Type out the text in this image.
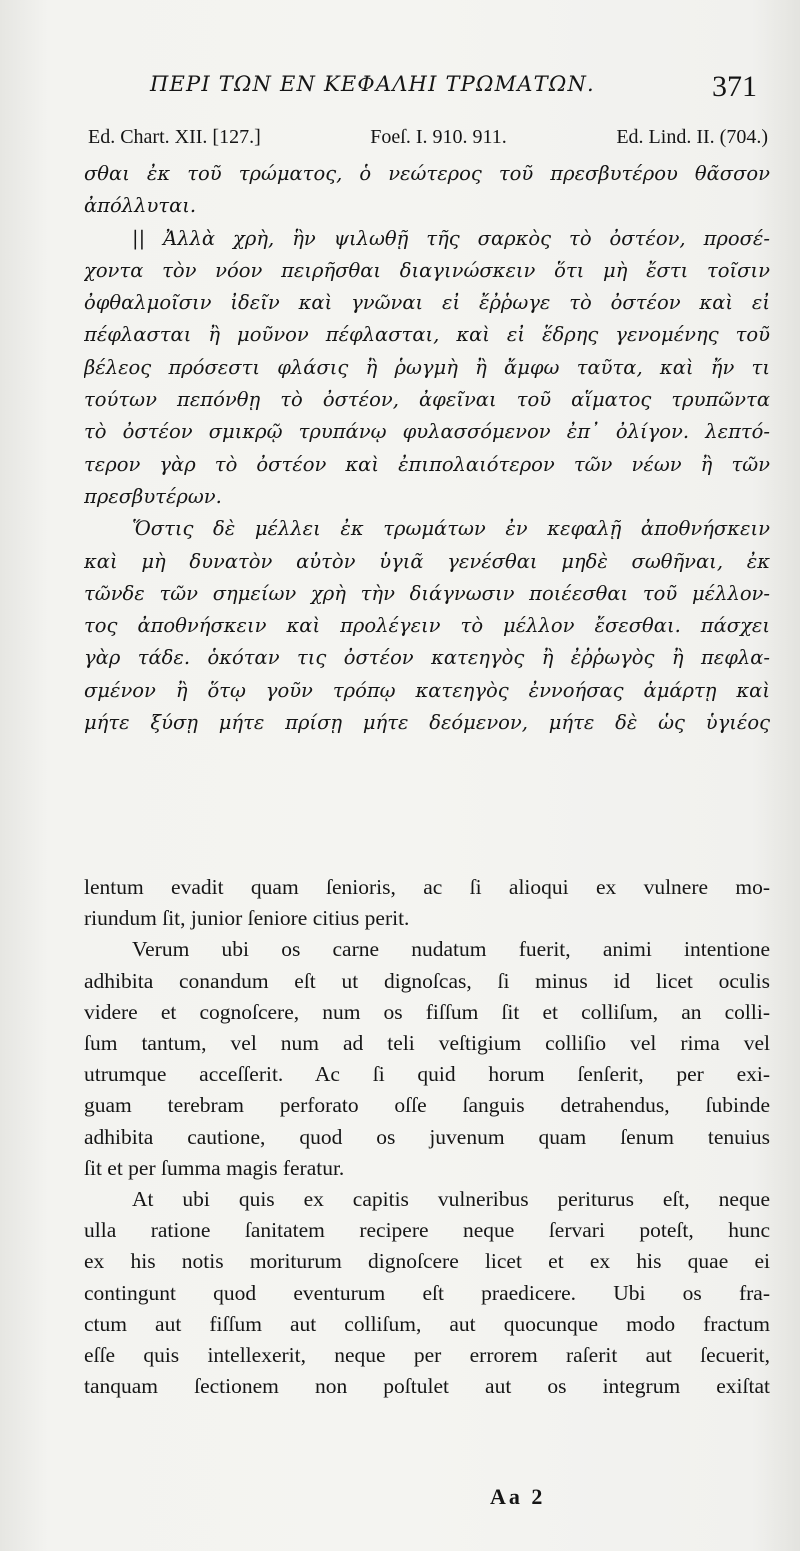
ΠΕΡΙ ΤΩΝ ΕΝ ΚΕΦΑΛΗΙ ΤΡΩΜΑΤΩΝ.	371
Ed. Chart. XII. [127.]	Foeſ. I. 910. 911.	Ed. Lind. II. (704.)
σθαι ἐκ τοῦ τρώματος, ὁ νεώτερος τοῦ πρεσβυτέρου θᾶσσον
ἀπόλλυται.
|| Ἀλλὰ χρὴ, ἣν ψιλωθῇ τῆς σαρκὸς τὸ ὀστέον, προσέ-
χοντα τὸν νόον πειρῆσθαι διαγινώσκειν ὅτι μὴ ἔστι τοῖσιν
ὀφθαλμοῖσιν ἰδεῖν καὶ γνῶναι εἰ ἔῤῥωγε τὸ ὀστέον καὶ εἰ
πέφλασται ἢ μοῦνον πέφλασται, καὶ εἰ ἕδρης γενομένης τοῦ
βέλεος πρόσεστι φλάσις ἢ ῥωγμὴ ἢ ἄμφω ταῦτα, καὶ ἤν τι
τούτων πεπόνθῃ τὸ ὀστέον, ἀφεῖναι τοῦ αἵματος τρυπῶντα
τὸ ὀστέον σμικρῷ τρυπάνῳ φυλασσόμενον ἐπ᾽ ὀλίγον. λεπτό-
τερον γὰρ τὸ ὀστέον καὶ ἐπιπολαιότερον τῶν νέων ἢ τῶν
πρεσβυτέρων.
Ὅστις δὲ μέλλει ἐκ τρωμάτων ἐν κεφαλῇ ἀποθνήσκειν
καὶ μὴ δυνατὸν αὐτὸν ὑγιᾶ γενέσθαι μηδὲ σωθῆναι, ἐκ
τῶνδε τῶν σημείων χρὴ τὴν διάγνωσιν ποιέεσθαι τοῦ μέλλον-
τος ἀποθνήσκειν καὶ προλέγειν τὸ μέλλον ἔσεσθαι. πάσχει
γὰρ τάδε. ὁκόταν τις ὀστέον κατεηγὸς ἢ ἐῤῥωγὸς ἢ πεφλα-
σμένον ἢ ὅτῳ γοῦν τρόπῳ κατεηγὸς ἐννοήσας ἁμάρτῃ καὶ
μήτε ξύσῃ μήτε πρίσῃ μήτε δεόμενον, μήτε δὲ ὡς ὑγιέος
lentum evadit quam ſenioris, ac ſi alioqui ex vulnere mo-
riundum ſit, junior ſeniore citius perit.
Verum ubi os carne nudatum fuerit, animi intentione
adhibita conandum eſt ut dignoſcas, ſi minus id licet oculis
videre et cognoſcere, num os fiſſum ſit et colliſum, an colli-
ſum tantum, vel num ad teli veſtigium colliſio vel rima vel
utrumque acceſſerit. Ac ſi quid horum ſenſerit, per exi-
guam terebram perforato oſſe ſanguis detrahendus, ſubinde
adhibita cautione, quod os juvenum quam ſenum tenuius
ſit et per ſumma magis feratur.
At ubi quis ex capitis vulneribus periturus eſt, neque
ulla ratione ſanitatem recipere neque ſervari poteſt, hunc
ex his notis moriturum dignoſcere licet et ex his quae ei
contingunt quod eventurum eſt praedicere. Ubi os fra-
ctum aut fiſſum aut colliſum, aut quocunque modo fractum
eſſe quis intellexerit, neque per errorem raſerit aut ſecuerit,
tanquam ſectionem non poſtulet aut os integrum exiſtat
Aa 2
